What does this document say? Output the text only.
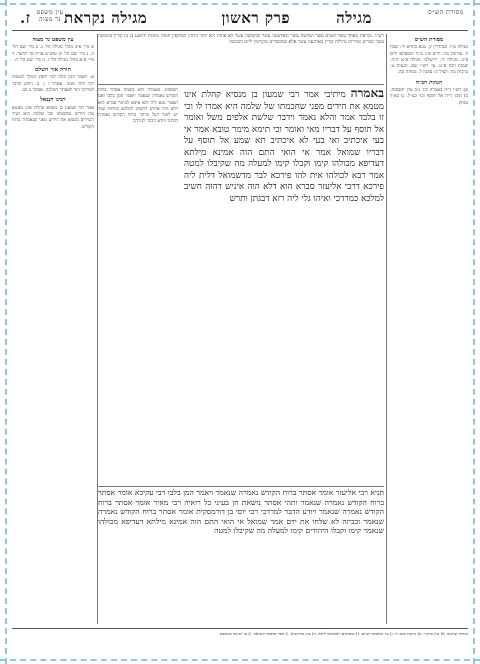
מגילה
פרק ראשון
מגילה נקראת
ז.	מסורת הש״ס
עין משפט נר מצוה
מסורת הש״ס
מגילה ט״ו. סנהדרין ק. בבא בתרא יד: שבת ל. עירובין סה. ידים פ״ג מ״ה תוספתא ידים פ״ב. מגילה יד. ירושלמי מגילה פ״א ה״ה. שמות רבה פ״ט. עי׳ רש״י שם. תענית ט. ברכות מח. לעיל ה: סוטה ל. מנחות סה.
הגהות הב״ח
א) רש״י ד״ה באמרה וכו׳ נ״ב עיין תוספות. ב) תוס׳ ד״ה אל תוסף וכו׳ כצ״ל. ג) בא״ד נמחק.
עין משפט נר מצוה
א מיי׳ פ״ב מהל׳ מגילה הל׳ ג. ב מיי׳ שם הל׳ ה. ג מיי׳ שם הל׳ יב טוש״ע או״ח סי׳ תרצד. ד מיי׳ פ״א מהל׳ מגילה הל׳ ז. ה מיי׳ שם הל׳ ח.
תורה אור השלם
א. ויאמר המן בלבו למי יחפץ המלך לעשות יקר יותר ממני. אסתר ו ו. ב. ויודע הדבר למרדכי ויגד לאסתר המלכה. אסתר ב כב.
רבינו חננאל
אמר רבי שמעון בן מנסיא קהלת אינו מטמא את הידים שחכמתו של שלמה היא ושיר השירים מטמא את הידים מפני שנאמרה ברוח הקודש.
רש״י. נקראת באחד עשר ושנים עשר ושלשה עשר ובארבעה עשר ובחמשה עשר לא פחות ולא יותר כרכין המוקפין חומה מימות יהושע בן נון קורין בחמשה עשר כפרים ועיירות גדולות קורין בארבעה עשר אלא שהכפרים מקדימין ליום הכניסה
באמרה מיתיבי אמר רבי שמעון בן מנסיא קהלת אינו מטמא את הידים מפני שחכמתו של שלמה היא אמרו לו וכי זו בלבד אמר והלא נאמר וידבר שלשת אלפים משל ואומר אל תוסף על דבריו מאי ואומר וכי תימא מימר טובא אמר אי בעי איכתיב ואי בעי לא איכתיב תא שמע אל תוסף על דבריו שמואל אמר אי הואי התם הוה אמינא מילתא דעדיפא מכולהו קימו וקבלו קימו למעלה מה שקיבלו למטה אמר רבא לכולהו אית להו פירכא לבר מדשמואל דלית ליה פירכא דרבי אליעזר סברא הוא דלא הוה איניש דהוה חשיב למלכא כמרדכי ואיהו גלי ליה רזא דבגתן ותרש
תוספות. באמרה ולא בשמה אסתר ברוח הקודש נאמרה שנאמר ויאמר המן בלבו ואם תאמר מנא ליה והא איכא למימר סברא הוא דלא הוה איניש דחשיב למלכא כוותיה ועוד יש לומר דעל כרחך ברוח הקודש נאמרה דכתיב ויודע הדבר למרדכי
תניא רבי אליעזר אומר אסתר ברוח הקודש נאמרה שנאמר ויאמר המן בלבו רבי עקיבא אומר אסתר ברוח הקודש נאמרה שנאמר ותהי אסתר נושאת חן בעיני כל רואיה רבי מאיר אומר אסתר ברוח הקודש נאמרה שנאמר ויודע הדבר למרדכי רבי יוסי בן דורמסקית אומר אסתר ברוח הקודש נאמרה שנאמר ובביזה לא שלחו את ידם אמר שמואל אי הואי התם הוה אמינא מילתא דעדיפא מכולהו שנאמר קימו וקבלו היהודים קימו למעלה מה שקיבלו למטה
הגהות וציונים: א) עיין ברש״י. ב) גירסת כתב יד. ג) עי׳ תוספות ישנים. ד) בדפוסים ראשונים ליתא. ה) עיין מהרש״א. ו) חסר בדפוס ויניציאה. ז) עי׳ שיטה מקובצת.
